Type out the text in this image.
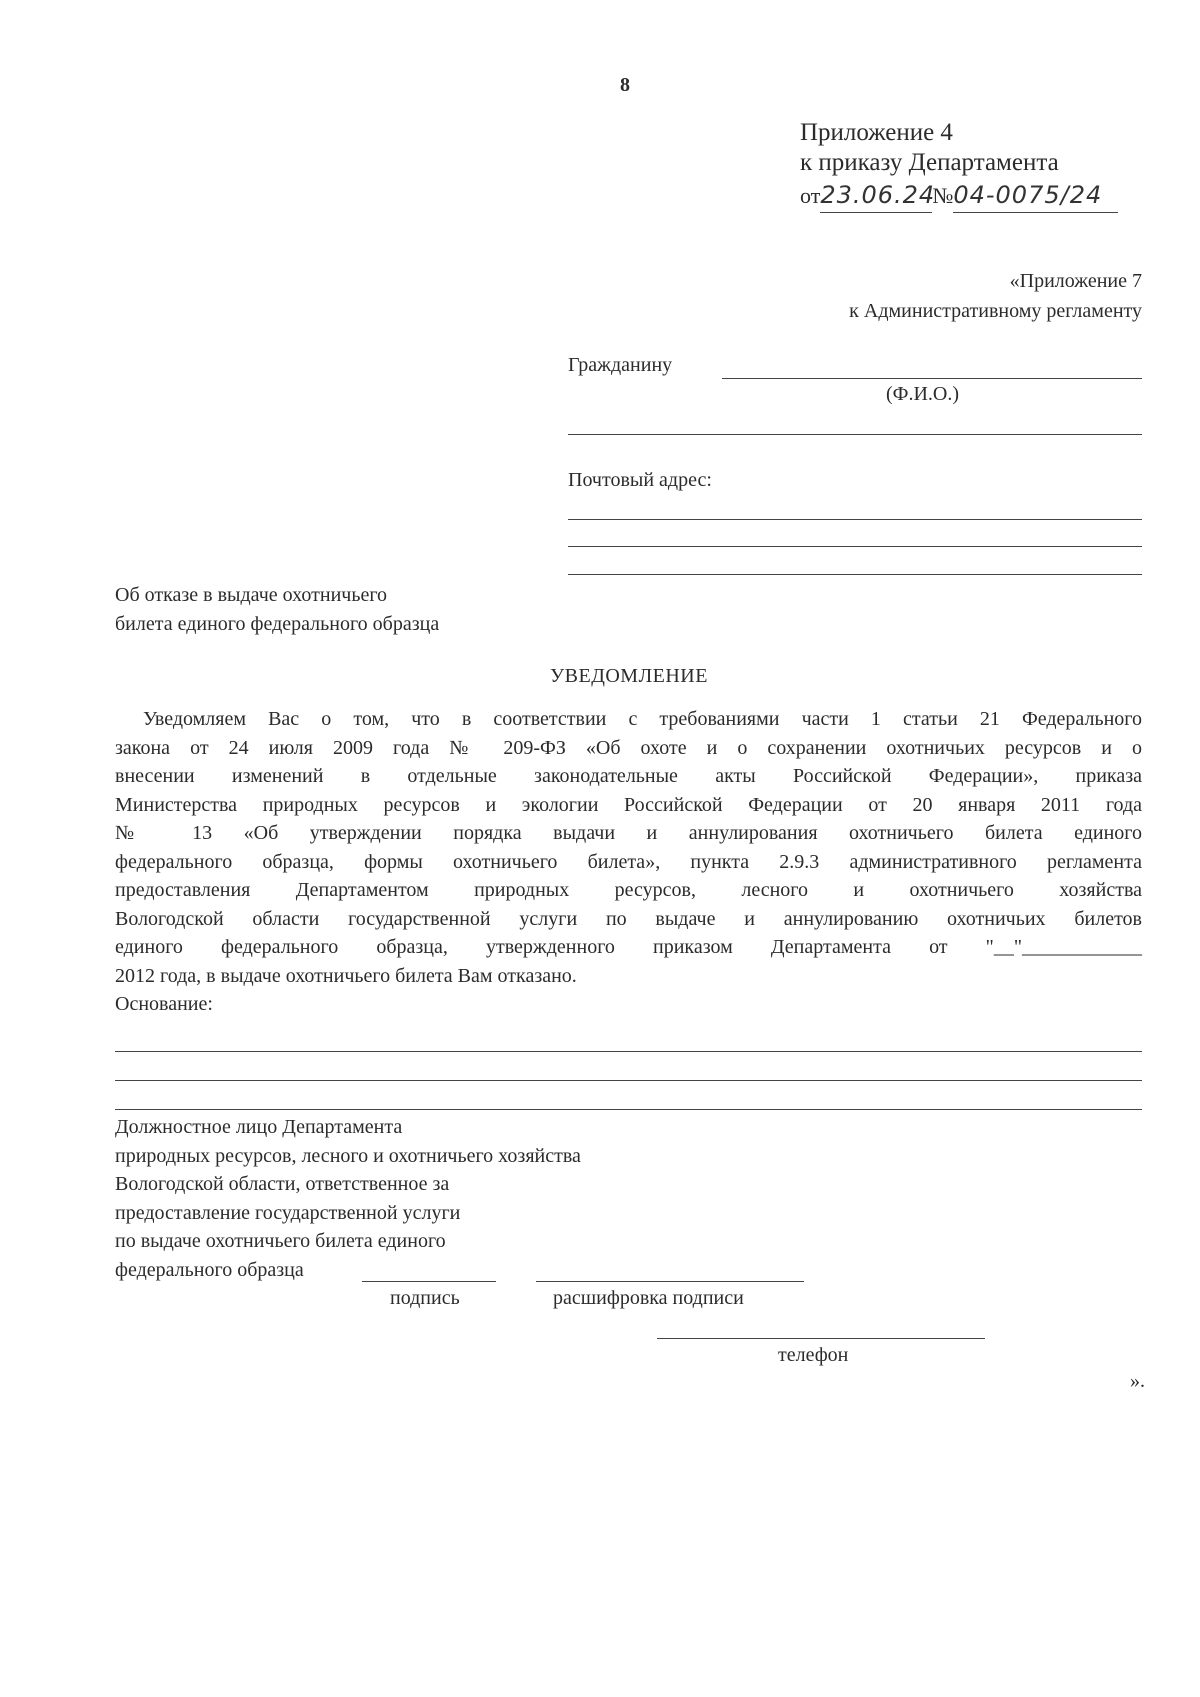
8
Приложение 4
к приказу Департамента
от23.06.24№04-0075/24
«Приложение 7
к Административному регламенту
Гражданину
(Ф.И.О.)
Почтовый адрес:
Об отказе в выдаче охотничьего
билета единого федерального образца
УВЕДОМЛЕНИЕ
Уведомляем Вас о том, что в соответствии с требованиями части 1 статьи 21 Федерального
закона от 24 июля 2009 года № 209-ФЗ «Об охоте и о сохранении охотничьих ресурсов и о
внесении изменений в отдельные законодательные акты Российской Федерации», приказа
Министерства природных ресурсов и экологии Российской Федерации от 20 января 2011 года
№ 13 «Об утверждении порядка выдачи и аннулирования охотничьего билета единого
федерального образца, формы охотничьего билета», пункта 2.9.3 административного регламента
предоставления Департаментом природных ресурсов, лесного и охотничьего хозяйства
Вологодской области государственной услуги по выдаче и аннулированию охотничьих билетов
единого федерального образца, утвержденного приказом Департамента от "__"____________
2012 года, в выдаче охотничьего билета Вам отказано.
Основание:
Должностное лицо Департамента
природных ресурсов, лесного и охотничьего хозяйства
Вологодской области, ответственное за
предоставление государственной услуги
по выдаче охотничьего билета единого
федерального образца
подпись	расшифровка подписи
телефон
».
